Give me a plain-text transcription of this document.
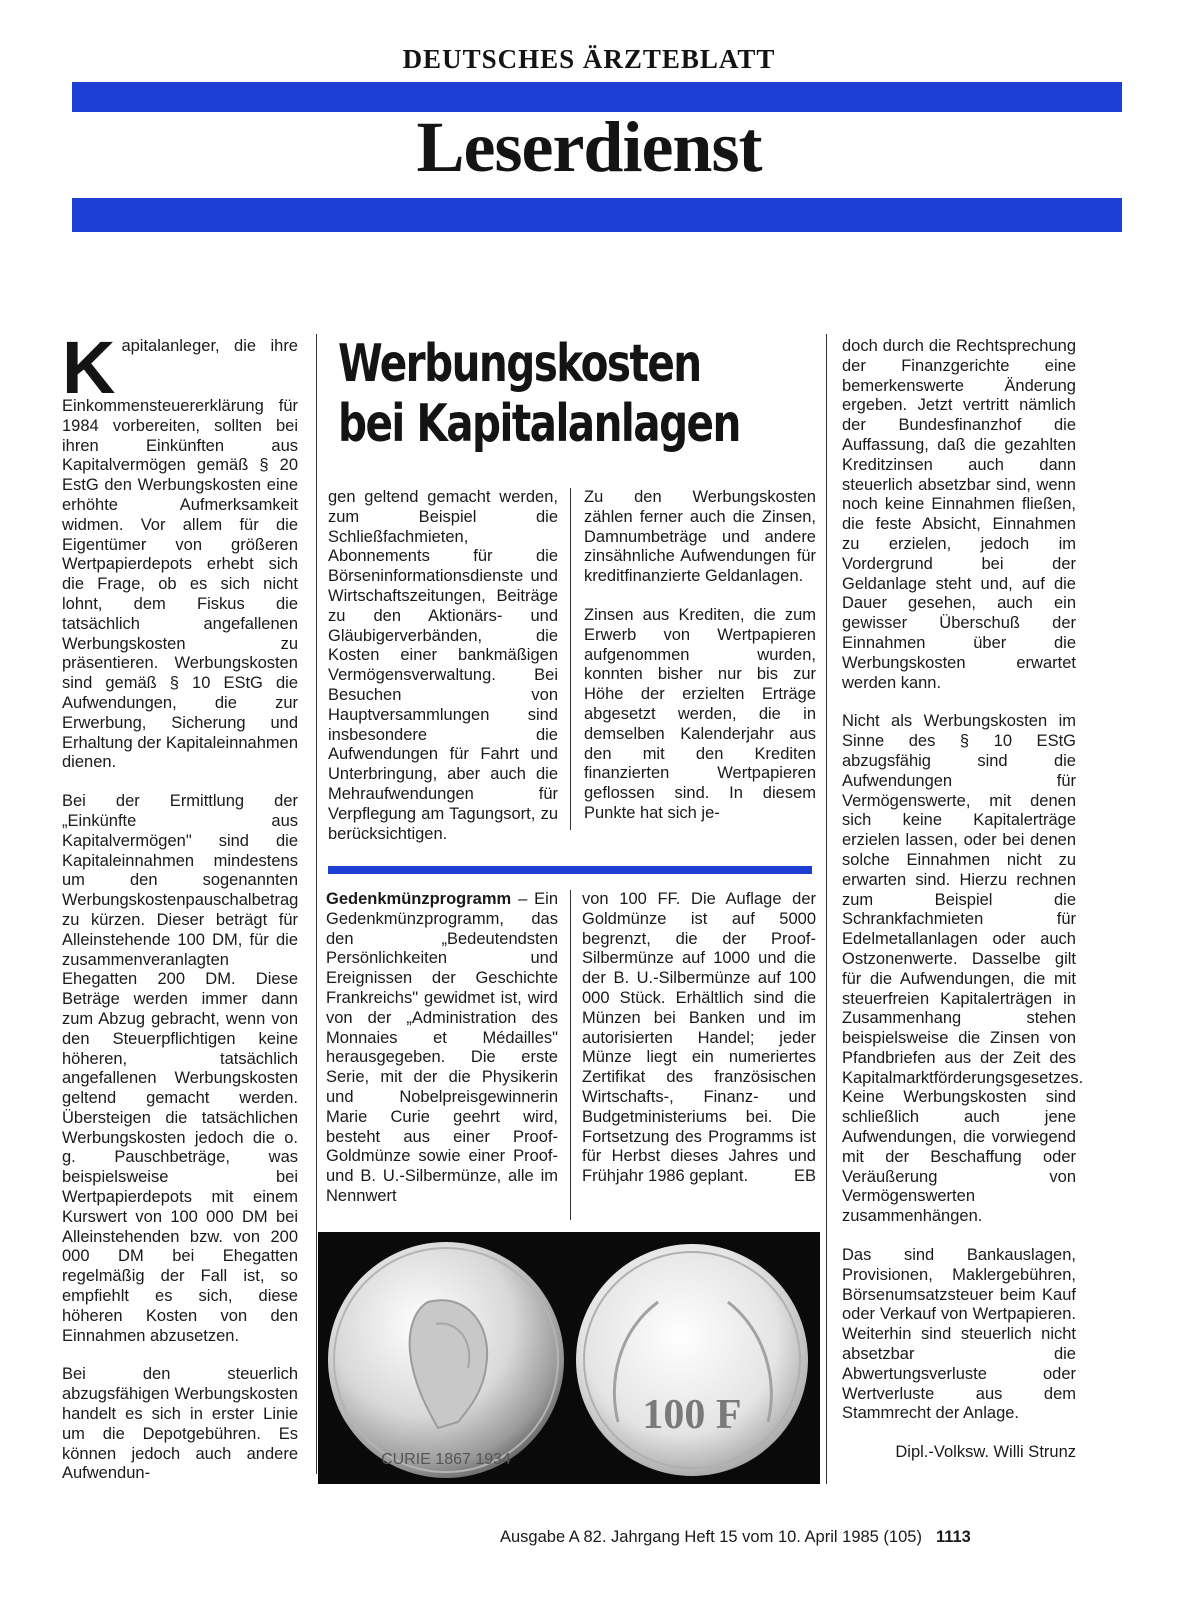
DEUTSCHES ÄRZTEBLATT
Leserdienst

Kapitalanleger, die ihre Einkommensteuererklärung für 1984 vorbereiten, sollten bei ihren Einkünften aus Kapitalvermögen gemäß § 20 EstG den Werbungskosten eine erhöhte Aufmerksamkeit widmen. Vor allem für die Eigentümer von größeren Wertpapierdepots erhebt sich die Frage, ob es sich nicht lohnt, dem Fiskus die tatsächlich angefallenen Werbungskosten zu präsentieren. Werbungskosten sind gemäß § 10 EStG die Aufwendungen, die zur Erwerbung, Sicherung und Erhaltung der Kapitaleinnahmen dienen.

Bei der Ermittlung der „Einkünfte aus Kapitalvermögen" sind die Kapitaleinnahmen mindestens um den sogenannten Werbungskostenpauschalbetrag zu kürzen. Dieser beträgt für Alleinstehende 100 DM, für die zusammenveranlagten Ehegatten 200 DM. Diese Beträge werden immer dann zum Abzug gebracht, wenn von den Steuerpflichtigen keine höheren, tatsächlich angefallenen Werbungskosten geltend gemacht werden. Übersteigen die tatsächlichen Werbungskosten jedoch die o. g. Pauschbeträge, was beispielsweise bei Wertpapierdepots mit einem Kurswert von 100 000 DM bei Alleinstehenden bzw. von 200 000 DM bei Ehegatten regelmäßig der Fall ist, so empfiehlt es sich, diese höheren Kosten von den Einnahmen abzusetzen.

Bei den steuerlich abzugsfähigen Werbungskosten handelt es sich in erster Linie um die Depotgebühren. Es können jedoch auch andere Aufwendun-

Werbungskosten
bei Kapitalanlagen

gen geltend gemacht werden, zum Beispiel die Schließfachmieten, Abonnements für die Börseninformationsdienste und Wirtschaftszeitungen, Beiträge zu den Aktionärs- und Gläubigerverbänden, die Kosten einer bankmäßigen Vermögensverwaltung. Bei Besuchen von Hauptversammlungen sind insbesondere die Aufwendungen für Fahrt und Unterbringung, aber auch die Mehraufwendungen für Verpflegung am Tagungsort, zu berücksichtigen.

Zu den Werbungskosten zählen ferner auch die Zinsen, Damnumbeträge und andere zinsähnliche Aufwendungen für kreditfinanzierte Geldanlagen.

Zinsen aus Krediten, die zum Erwerb von Wertpapieren aufgenommen wurden, konnten bisher nur bis zur Höhe der erzielten Erträge abgesetzt werden, die in demselben Kalenderjahr aus den mit den Krediten finanzierten Wertpapieren geflossen sind. In diesem Punkte hat sich je-

doch durch die Rechtsprechung der Finanzgerichte eine bemerkenswerte Änderung ergeben. Jetzt vertritt nämlich der Bundesfinanzhof die Auffassung, daß die gezahlten Kreditzinsen auch dann steuerlich absetzbar sind, wenn noch keine Einnahmen fließen, die feste Absicht, Einnahmen zu erzielen, jedoch im Vordergrund bei der Geldanlage steht und, auf die Dauer gesehen, auch ein gewisser Überschuß der Einnahmen über die Werbungskosten erwartet werden kann.

Nicht als Werbungskosten im Sinne des § 10 EStG abzugsfähig sind die Aufwendungen für Vermögenswerte, mit denen sich keine Kapitalerträge erzielen lassen, oder bei denen solche Einnahmen nicht zu erwarten sind. Hierzu rechnen zum Beispiel die Schrankfachmieten für Edelmetallanlagen oder auch Ostzonenwerte. Dasselbe gilt für die Aufwendungen, die mit steuerfreien Kapitalerträgen in Zusammenhang stehen beispielsweise die Zinsen von Pfandbriefen aus der Zeit des Kapitalmarktförderungsgesetzes. Keine Werbungskosten sind schließlich auch jene Aufwendungen, die vorwiegend mit der Beschaffung oder Veräußerung von Vermögenswerten zusammenhängen.

Das sind Bankauslagen, Provisionen, Maklergebühren, Börsenumsatzsteuer beim Kauf oder Verkauf von Wertpapieren. Weiterhin sind steuerlich nicht absetzbar die Abwertungsverluste oder Wertverluste aus dem Stammrecht der Anlage.

Dipl.-Volksw. Willi Strunz

Gedenkmünzprogramm – Ein Gedenkmünzprogramm, das den „Bedeutendsten Persönlichkeiten und Ereignissen der Geschichte Frankreichs" gewidmet ist, wird von der „Administration des Monnaies et Médailles" herausgegeben. Die erste Serie, mit der die Physikerin und Nobelpreisgewinnerin Marie Curie geehrt wird, besteht aus einer Proof-Goldmünze sowie einer Proof- und B. U.-Silbermünze, alle im Nennwert

von 100 FF. Die Auflage der Goldmünze ist auf 5000 begrenzt, die der Proof-Silbermünze auf 1000 und die der B. U.-Silbermünze auf 100 000 Stück. Erhältlich sind die Münzen bei Banken und im autorisierten Handel; jeder Münze liegt ein numeriertes Zertifikat des französischen Wirtschafts-, Finanz- und Budgetministeriums bei. Die Fortsetzung des Programms ist für Herbst dieses Jahres und Frühjahr 1986 geplant.	EB

CURIE 1867 1934
100 F
Ausgabe A 82. Jahrgang Heft 15 vom 10. April 1985 (105) 1113
